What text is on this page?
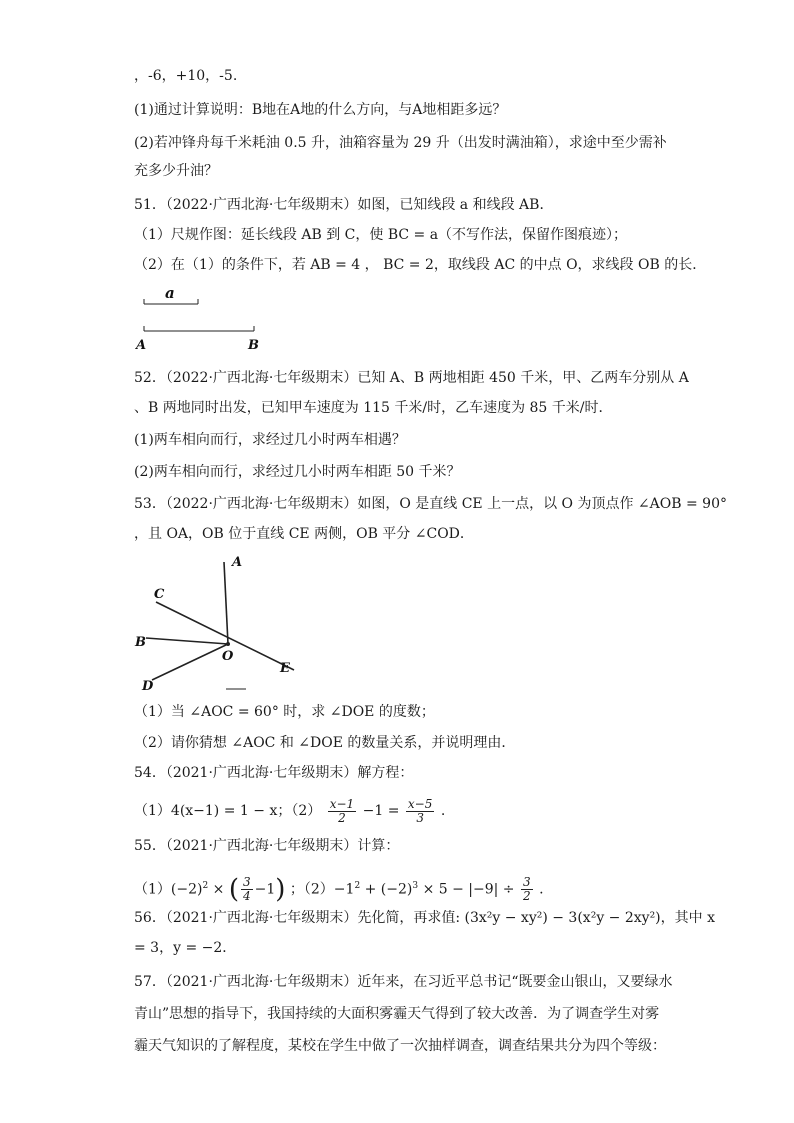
，-6，+10，-5.
(1)通过计算说明：B地在A地的什么方向，与A地相距多远？
(2)若冲锋舟每千米耗油 0.5 升，油箱容量为 29 升（出发时满油箱），求途中至少需补
充多少升油？
51．（2022·广西北海·七年级期末）如图，已知线段 a 和线段 AB．
（1）尺规作图：延长线段 AB 到 C，使 BC = a（不写作法，保留作图痕迹）；
（2）在（1）的条件下，若 AB = 4 ， BC = 2，取线段 AC 的中点 O，求线段 OB 的长．
a
A	B
52．（2022·广西北海·七年级期末）已知 A、B 两地相距 450 千米，甲、乙两车分别从 A
、B 两地同时出发，已知甲车速度为 115 千米/时，乙车速度为 85 千米/时．
(1)两车相向而行，求经过几小时两车相遇？
(2)两车相向而行，求经过几小时两车相距 50 千米？
53．（2022·广西北海·七年级期末）如图，O 是直线 CE 上一点，以 O 为顶点作 ∠AOB = 90°
，且 OA，OB 位于直线 CE 两侧，OB 平分 ∠COD．
A
C
B
O
E
D
（1）当 ∠AOC = 60° 时，求 ∠DOE 的度数；
（2）请你猜想 ∠AOC 和 ∠DOE 的数量关系，并说明理由．
54．（2021·广西北海·七年级期末）解方程：
（1）4(x−1) = 1 − x；$(2) \frac{x-1}{2} -1 = \frac{x-5}{3}$ .
55．（2021·广西北海·七年级期末）计算：
$(1)(-2)^2$ × ( $\frac{3}{4} -1$) ；$(2)-1^2 + (-2)^3 \times 5 - |-9| \div \frac{3}{2}$ .
56．（2021·广西北海·七年级期末）先化简，再求值: (3x²y − xy²) − 3(x²y − 2xy²)，其中 x
= 3，y = −2．
57．（2021·广西北海·七年级期末）近年来，在习近平总书记“既要金山银山，又要绿水
青山”思想的指导下，我国持续的大面积雾霾天气得到了较大改善．为了调查学生对雾
霾天气知识的了解程度，某校在学生中做了一次抽样调查，调查结果共分为四个等级：
